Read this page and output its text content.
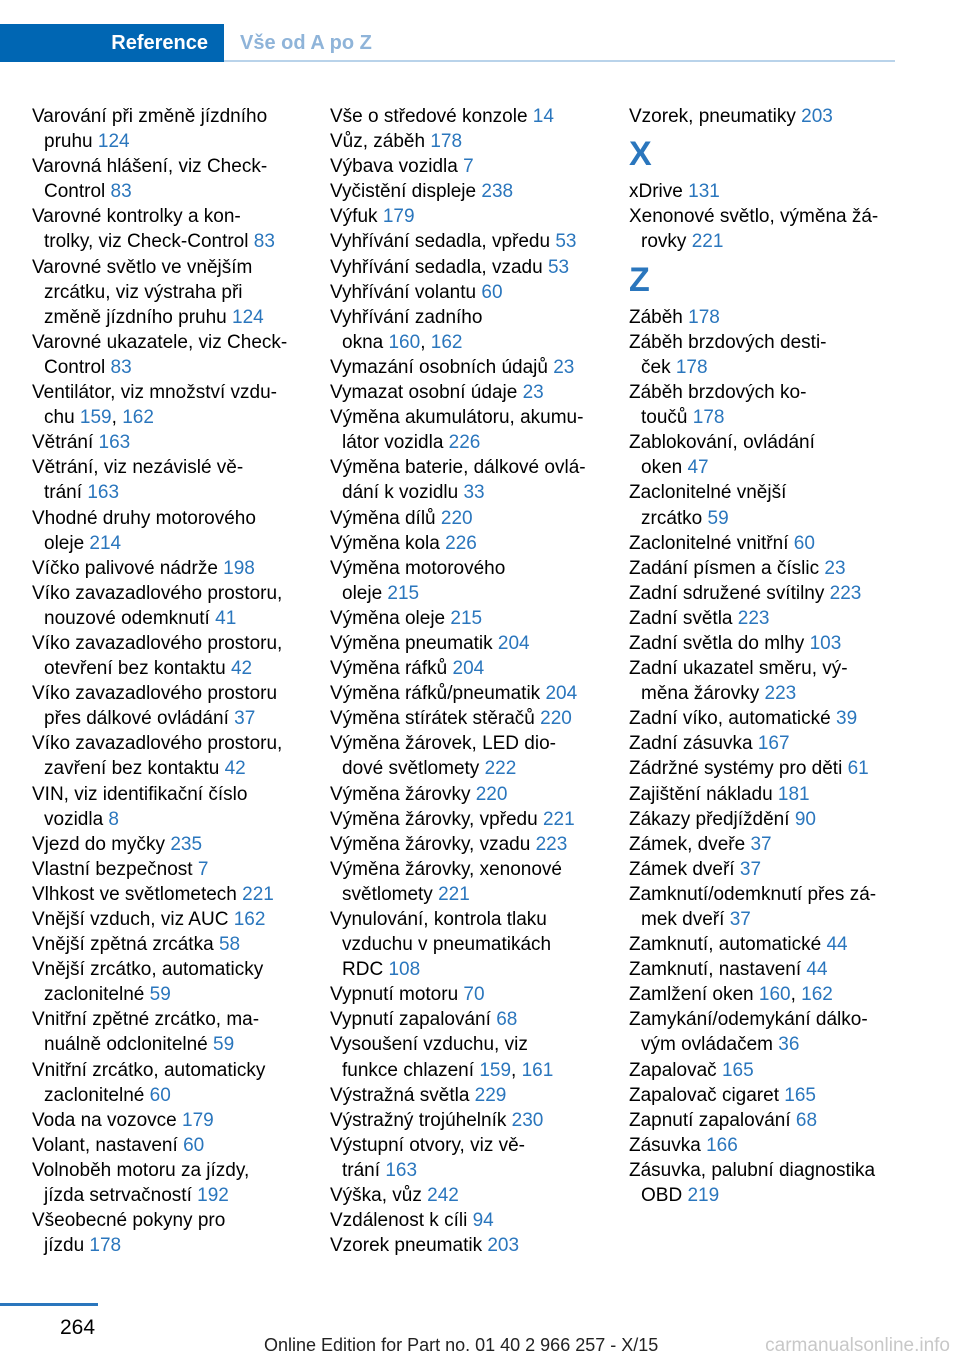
Reference	Vše od A po Z
Varování při změně jízdního
pruhu 124
Varovná hlášení, viz Check-
Control 83
Varovné kontrolky a kon-
trolky, viz Check-Control 83
Varovné světlo ve vnějším
zrcátku, viz výstraha při
změně jízdního pruhu 124
Varovné ukazatele, viz Check-
Control 83
Ventilátor, viz množství vzdu-
chu 159, 162
Větrání 163
Větrání, viz nezávislé vě-
trání 163
Vhodné druhy motorového
oleje 214
Víčko palivové nádrže 198
Víko zavazadlového prostoru,
nouzové odemknutí 41
Víko zavazadlového prostoru,
otevření bez kontaktu 42
Víko zavazadlového prostoru
přes dálkové ovládání 37
Víko zavazadlového prostoru,
zavření bez kontaktu 42
VIN, viz identifikační číslo
vozidla 8
Vjezd do myčky 235
Vlastní bezpečnost 7
Vlhkost ve světlometech 221
Vnější vzduch, viz AUC 162
Vnější zpětná zrcátka 58
Vnější zrcátko, automaticky
zaclonitelné 59
Vnitřní zpětné zrcátko, ma-
nuálně odclonitelné 59
Vnitřní zrcátko, automaticky
zaclonitelné 60
Voda na vozovce 179
Volant, nastavení 60
Volnoběh motoru za jízdy,
jízda setrvačností 192
Všeobecné pokyny pro
jízdu 178
Vše o středové konzole 14
Vůz, záběh 178
Výbava vozidla 7
Vyčistění displeje 238
Výfuk 179
Vyhřívání sedadla, vpředu 53
Vyhřívání sedadla, vzadu 53
Vyhřívání volantu 60
Vyhřívání zadního
okna 160, 162
Vymazání osobních údajů 23
Vymazat osobní údaje 23
Výměna akumulátoru, akumu-
látor vozidla 226
Výměna baterie, dálkové ovlá-
dání k vozidlu 33
Výměna dílů 220
Výměna kola 226
Výměna motorového
oleje 215
Výměna oleje 215
Výměna pneumatik 204
Výměna ráfků 204
Výměna ráfků/pneumatik 204
Výměna stírátek stěračů 220
Výměna žárovek, LED dio-
dové světlomety 222
Výměna žárovky 220
Výměna žárovky, vpředu 221
Výměna žárovky, vzadu 223
Výměna žárovky, xenonové
světlomety 221
Vynulování, kontrola tlaku
vzduchu v pneumatikách
RDC 108
Vypnutí motoru 70
Vypnutí zapalování 68
Vysoušení vzduchu, viz
funkce chlazení 159, 161
Výstražná světla 229
Výstražný trojúhelník 230
Výstupní otvory, viz vě-
trání 163
Výška, vůz 242
Vzdálenost k cíli 94
Vzorek pneumatik 203
Vzorek, pneumatiky 203
X
xDrive 131
Xenonové světlo, výměna žá-
rovky 221
Z
Záběh 178
Záběh brzdových desti-
ček 178
Záběh brzdových ko-
toučů 178
Zablokování, ovládání
oken 47
Zaclonitelné vnější
zrcátko 59
Zaclonitelné vnitřní 60
Zadání písmen a číslic 23
Zadní sdružené svítilny 223
Zadní světla 223
Zadní světla do mlhy 103
Zadní ukazatel směru, vý-
měna žárovky 223
Zadní víko, automatické 39
Zadní zásuvka 167
Zádržné systémy pro děti 61
Zajištění nákladu 181
Zákazy předjíždění 90
Zámek, dveře 37
Zámek dveří 37
Zamknutí/odemknutí přes zá-
mek dveří 37
Zamknutí, automatické 44
Zamknutí, nastavení 44
Zamlžení oken 160, 162
Zamykání/odemykání dálko-
vým ovládačem 36
Zapalovač 165
Zapalovač cigaret 165
Zapnutí zapalování 68
Zásuvka 166
Zásuvka, palubní diagnostika
OBD 219
264
Online Edition for Part no. 01 40 2 966 257 - X/15	carmanualsonline.info
